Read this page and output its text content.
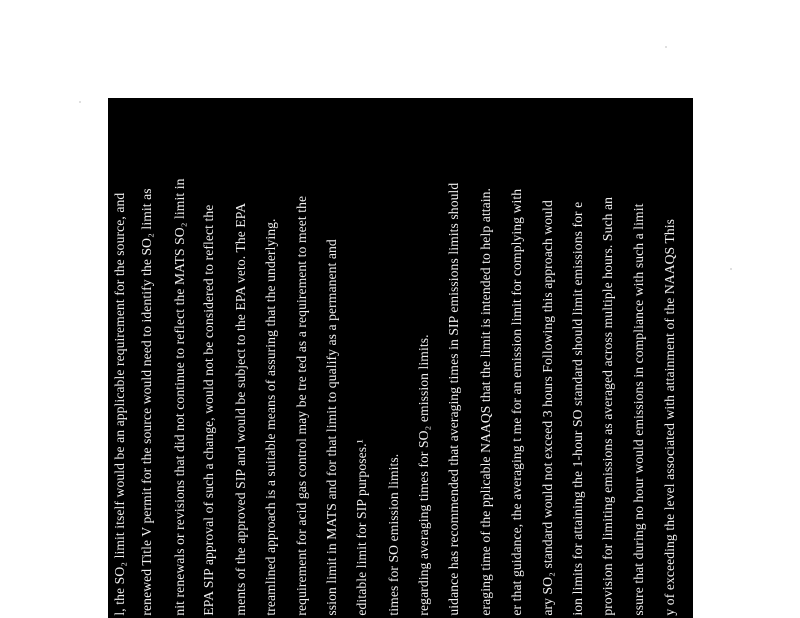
l, the SO₂ limit itself would be an applicable requirement for the source, and renewed Title V permit for the source would need to identify the SO₂ limit as nit renewals or revisions that did not continue to reflect the MATS SO₂ limit in EPA SIP approval of such a change, would not be considered to reflect the ments of the approved SIP and would be subject to the EPA veto. The EPA treamlined approach is a suitable means of assuring that the underlying. requirement for acid gas control may be tre ted as a requirement to meet the ssion limit in MATS and for that limit to qualify as a permanent and editable limit for SIP purposes.¹ times for SO emission limits. regarding averaging times for SO₂ emission limits. uidance has recommended that averaging times in SIP emissions limits should eraging time of the pplicable NAAQS that the limit is intended to help attain. er that guidance, the averaging t me for an emission limit for complying with ary SO₂ standard would not exceed 3 hours Following this approach would ion limits for attaining the 1-hour SO standard should limit emissions for e provision for limiting emissions as averaged across multiple hours. Such an ssure that during no hour would emissions in compliance with such a limit y of exceeding the level associated with attainment of the NAAQS This
